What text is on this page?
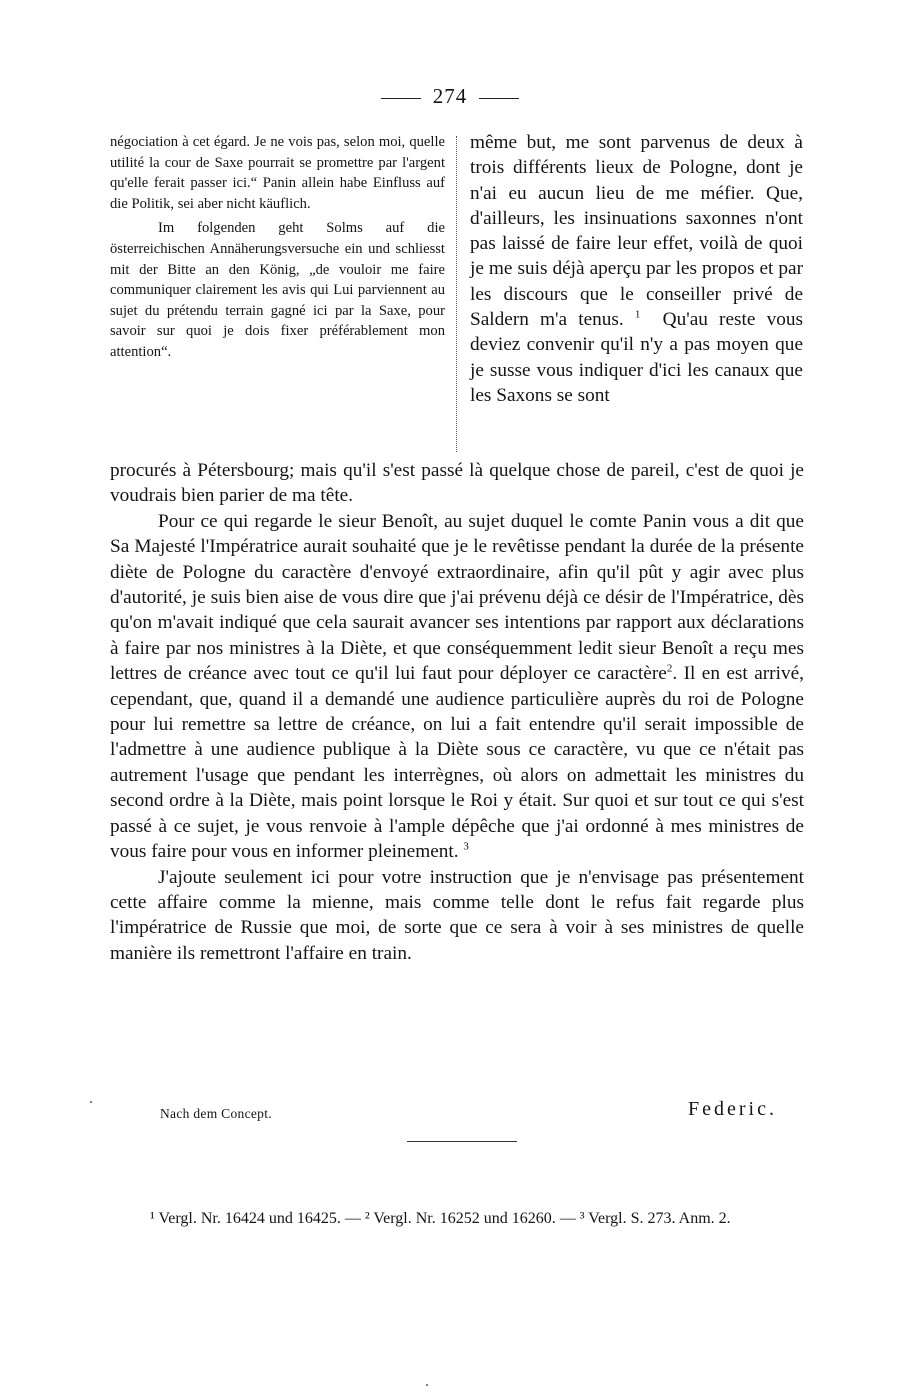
274

négociation à cet égard. Je ne vois pas, selon moi, quelle utilité la cour de Saxe pourrait se promettre par l'argent qu'elle ferait passer ici.“ Panin allein habe Einfluss auf die Politik, sei aber nicht käuflich.

Im folgenden geht Solms auf die österreichischen Annäherungsversuche ein und schliesst mit der Bitte an den König, „de vouloir me faire communiquer clairement les avis qui Lui parviennent au sujet du prétendu terrain gagné ici par la Saxe, pour savoir sur quoi je dois fixer préférablement mon attention“.

même but, me sont parvenus de deux à trois différents lieux de Pologne, dont je n'ai eu aucun lieu de me méfier. Que, d'ailleurs, les insinuations saxonnes n'ont pas laissé de faire leur effet, voilà de quoi je me suis déjà aperçu par les propos et par les discours que le conseiller privé de Saldern m'a tenus. $^1$ Qu'au reste vous deviez convenir qu'il n'y a pas moyen que je susse vous indiquer d'ici les canaux que les Saxons se sont

procurés à Pétersbourg; mais qu'il s'est passé là quelque chose de pareil, c'est de quoi je voudrais bien parier de ma tête.

Pour ce qui regarde le sieur Benoît, au sujet duquel le comte Panin vous a dit que Sa Majesté l'Impératrice aurait souhaité que je le revêtisse pendant la durée de la présente diète de Pologne du caractère d'envoyé extraordinaire, afin qu'il pût y agir avec plus d'autorité, je suis bien aise de vous dire que j'ai prévenu déjà ce désir de l'Impératrice, dès qu'on m'avait indiqué que cela saurait avancer ses intentions par rapport aux déclarations à faire par nos ministres à la Diète, et que conséquemment ledit sieur Benoît a reçu mes lettres de créance avec tout ce qu'il lui faut pour déployer ce caractère$^2$. Il en est arrivé, cependant, que, quand il a demandé une audience particulière auprès du roi de Pologne pour lui remettre sa lettre de créance, on lui a fait entendre qu'il serait impossible de l'admettre à une audience publique à la Diète sous ce caractère, vu que ce n'était pas autrement l'usage que pendant les interrègnes, où alors on admettait les ministres du second ordre à la Diète, mais point lorsque le Roi y était. Sur quoi et sur tout ce qui s'est passé à ce sujet, je vous renvoie à l'ample dépêche que j'ai ordonné à mes ministres de vous faire pour vous en informer pleinement. $^3$

J'ajoute seulement ici pour votre instruction que je n'envisage pas présentement cette affaire comme la mienne, mais comme telle dont le refus fait regarde plus l'impératrice de Russie que moi, de sorte que ce sera à voir à ses ministres de quelle manière ils remettront l'affaire en train.

Nach dem Concept.	Federic.

¹ Vergl. Nr. 16424 und 16425. — ² Vergl. Nr. 16252 und 16260. — ³ Vergl. S. 273. Anm. 2.
